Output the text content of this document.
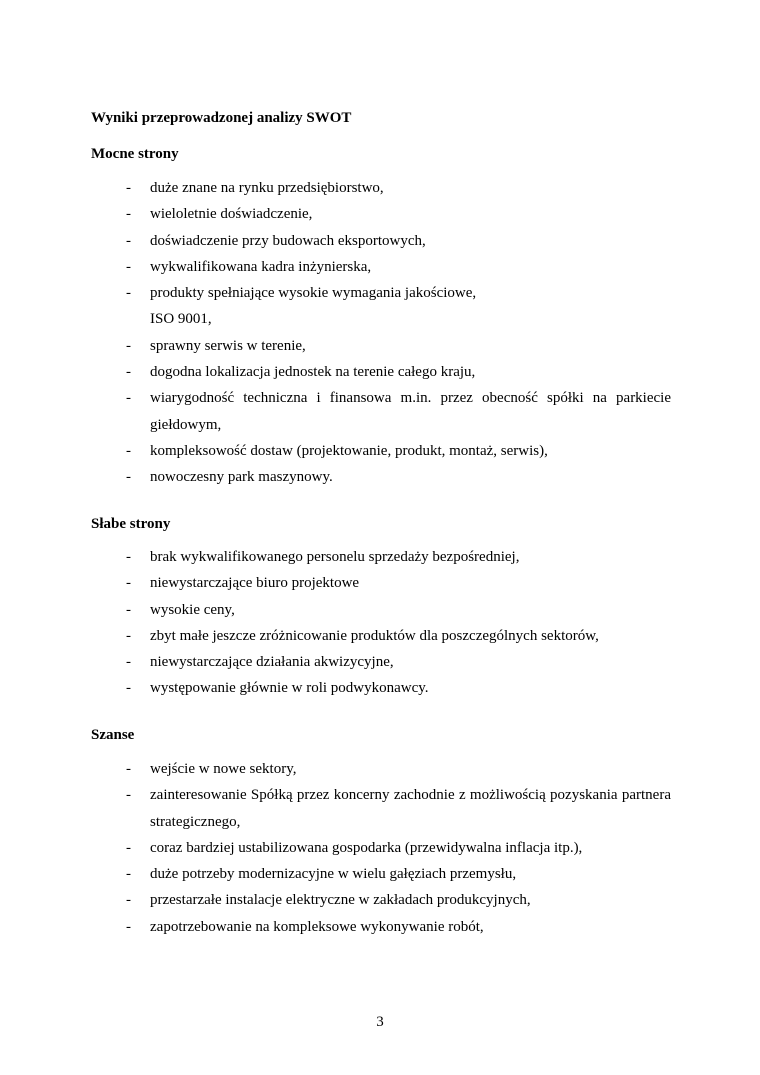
Wyniki przeprowadzonej analizy SWOT
Mocne strony
- duże znane na rynku przedsiębiorstwo,
- wieloletnie doświadczenie,
- doświadczenie przy budowach eksportowych,
- wykwalifikowana kadra inżynierska,
- produkty spełniające wysokie wymagania jakościowe, ISO 9001,
- sprawny serwis w terenie,
- dogodna lokalizacja jednostek na terenie całego kraju,
- wiarygodność techniczna i finansowa m.in. przez obecność spółki na parkiecie giełdowym,
- kompleksowość dostaw (projektowanie, produkt, montaż, serwis),
- nowoczesny park maszynowy.
Słabe strony
- brak wykwalifikowanego personelu sprzedaży bezpośredniej,
- niewystarczające biuro projektowe
- wysokie ceny,
- zbyt małe jeszcze zróżnicowanie produktów dla poszczególnych sektorów,
- niewystarczające działania akwizycyjne,
- występowanie głównie w roli podwykonawcy.
Szanse
- wejście w nowe sektory,
- zainteresowanie Spółką przez koncerny zachodnie z możliwością pozyskania partnera strategicznego,
- coraz bardziej ustabilizowana gospodarka (przewidywalna inflacja itp.),
- duże potrzeby modernizacyjne w wielu gałęziach przemysłu,
- przestarzałe instalacje elektryczne w zakładach produkcyjnych,
- zapotrzebowanie na kompleksowe wykonywanie robót,
3
